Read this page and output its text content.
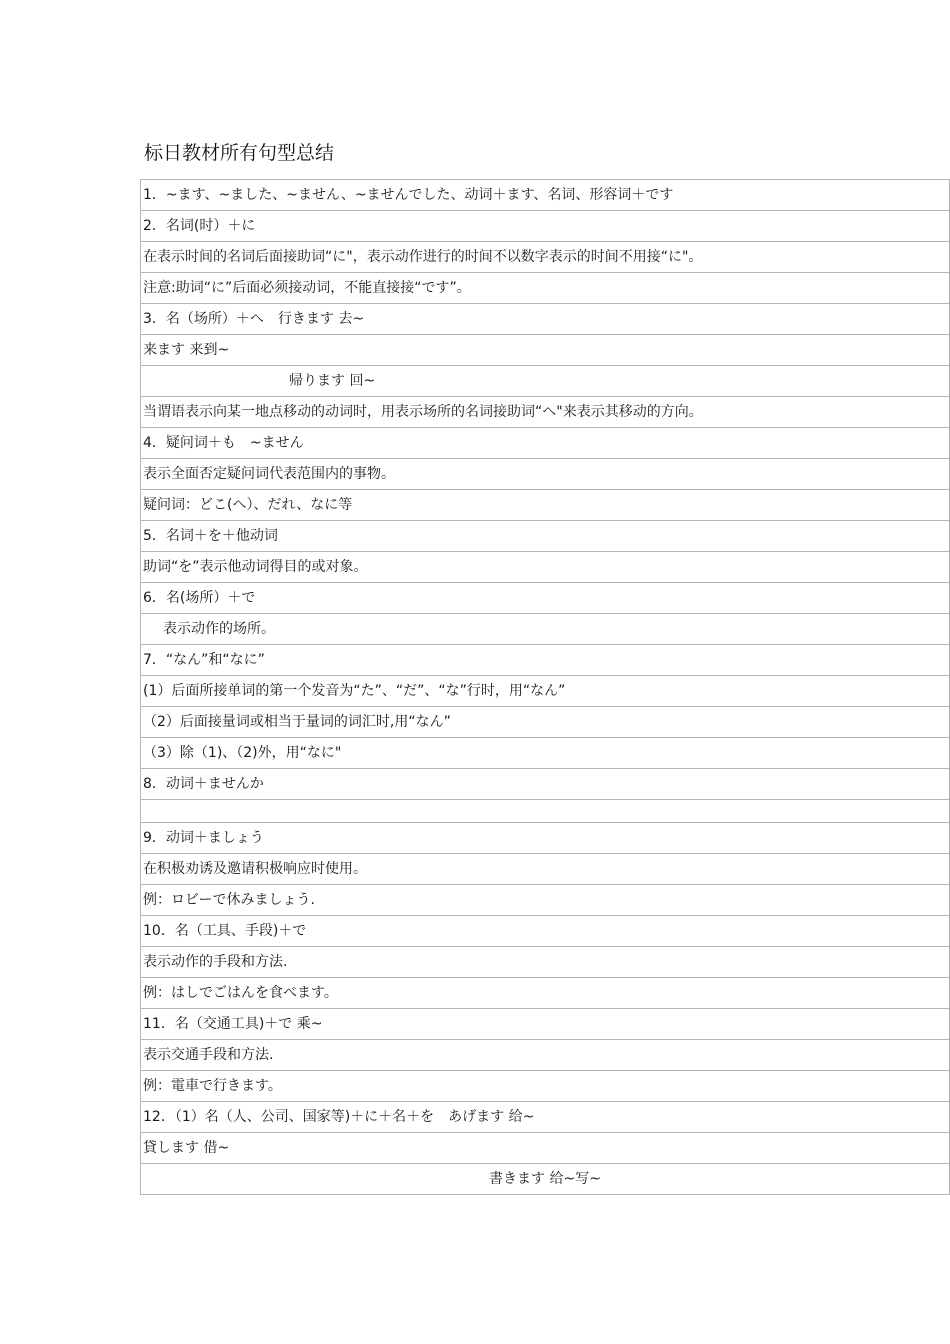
标日教材所有句型总结
1．~ます、~ました、~ません、~ませんでした、动词＋ます、名词、形容词＋です
2．名词(时）＋に
在表示时间的名词后面接助词“に"，表示动作进行的时间不以数字表示的时间不用接“に"。
注意:助词“に”后面必须接动词，不能直接接“です”。
3．名（场所）＋へ　行きます 去~
来ます 来到~
帰ります 回~
当谓语表示向某一地点移动的动词时，用表示场所的名词接助词“へ"来表示其移动的方向。
4．疑问词＋も　~ません
表示全面否定疑问词代表范围内的事物。
疑问词：どこ(へ）、だれ、なに等
5．名词＋を＋他动词
助词“を”表示他动词得目的或对象。
6．名(场所）＋で
表示动作的场所。
7．“なん”和“なに”
(1）后面所接单词的第一个发音为“た”、“だ”、“な”行时，用“なん”
（2）后面接量词或相当于量词的词汇时,用“なん”
（3）除（1)、（2)外，用“なに"
8．动词＋ませんか
9．动词＋ましょう
在积极劝诱及邀请积极响应时使用。
例：ロビーで休みましょう.
10．名（工具、手段)＋で
表示动作的手段和方法.
例：はしでごはんを食べます。
11．名（交通工具)＋で 乘~
表示交通手段和方法.
例：電車で行きます。
12．（1）名（人、公司、国家等)＋に＋名＋を　あげます 给~
貸します 借~
書きます 给~写~
